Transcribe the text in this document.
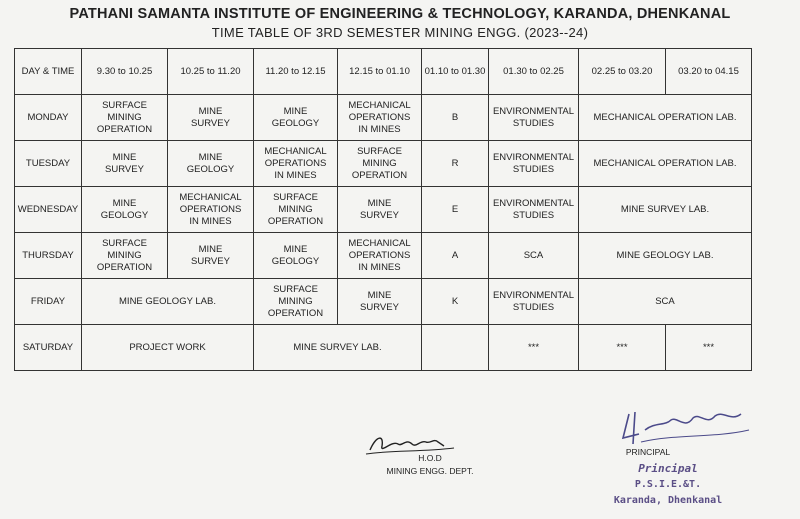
PATHANI SAMANTA INSTITUTE OF ENGINEERING & TECHNOLOGY, KARANDA, DHENKANAL
TIME TABLE OF 3RD SEMESTER MINING ENGG. (2023--24)
DAY & TIME	9.30 to 10.25	10.25 to 11.20	11.20 to 12.15	12.15 to 01.10	01.10 to 01.30	01.30 to 02.25	02.25 to 03.20	03.20 to 04.15
MONDAY	SURFACE
MINING
OPERATION	MINE
SURVEY	MINE
GEOLOGY	MECHANICAL
OPERATIONS
IN MINES	B	ENVIRONMENTAL
STUDIES	MECHANICAL OPERATION LAB.	
TUESDAY	MINE
SURVEY	MINE
GEOLOGY	MECHANICAL
OPERATIONS
IN MINES	SURFACE
MINING
OPERATION	R	ENVIRONMENTAL
STUDIES	MECHANICAL OPERATION LAB.	
WEDNESDAY	MINE
GEOLOGY	MECHANICAL
OPERATIONS
IN MINES	SURFACE
MINING
OPERATION	MINE
SURVEY	E	ENVIRONMENTAL
STUDIES	MINE SURVEY LAB.	
THURSDAY	SURFACE
MINING
OPERATION	MINE
SURVEY	MINE
GEOLOGY	MECHANICAL
OPERATIONS
IN MINES	A	SCA	MINE GEOLOGY LAB.	
FRIDAY	MINE GEOLOGY LAB.		SURFACE
MINING
OPERATION	MINE
SURVEY	K	ENVIRONMENTAL
STUDIES	SCA	
SATURDAY	PROJECT WORK		MINE SURVEY LAB.			***	***	***
H.O.D
MINING ENGG. DEPT.
PRINCIPAL
Principal
P.S.I.E.&T.
Karanda, Dhenkanal
